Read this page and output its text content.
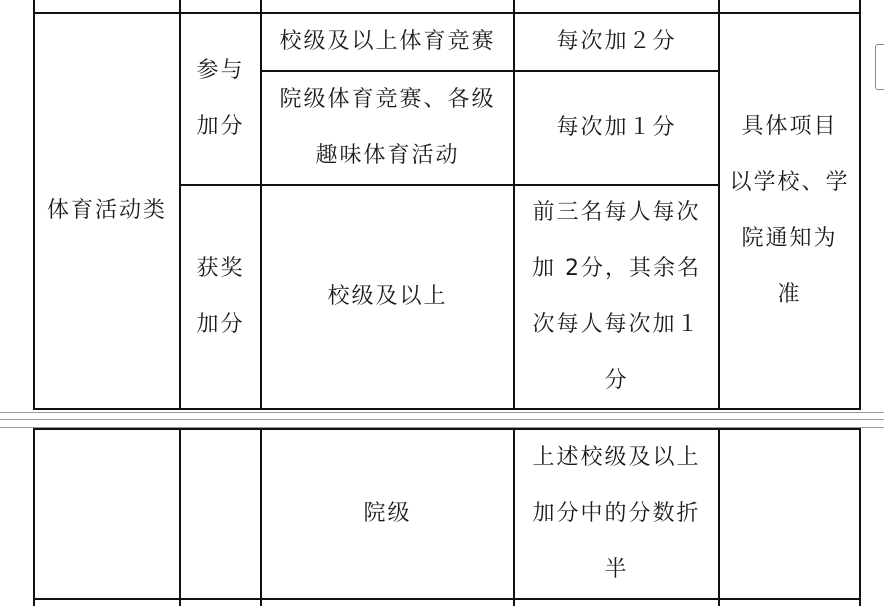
体育活动类
参与
加分
获奖
加分
校级及以上体育竞赛	每次加２分
院级体育竞赛、各级
趣味体育活动
每次加１分
校级及以上
前三名每人每次
加 2分，其余名
次每人每次加１
分
具体项目
以学校、学
院通知为
准
院级
上述校级及以上
加分中的分数折
半
